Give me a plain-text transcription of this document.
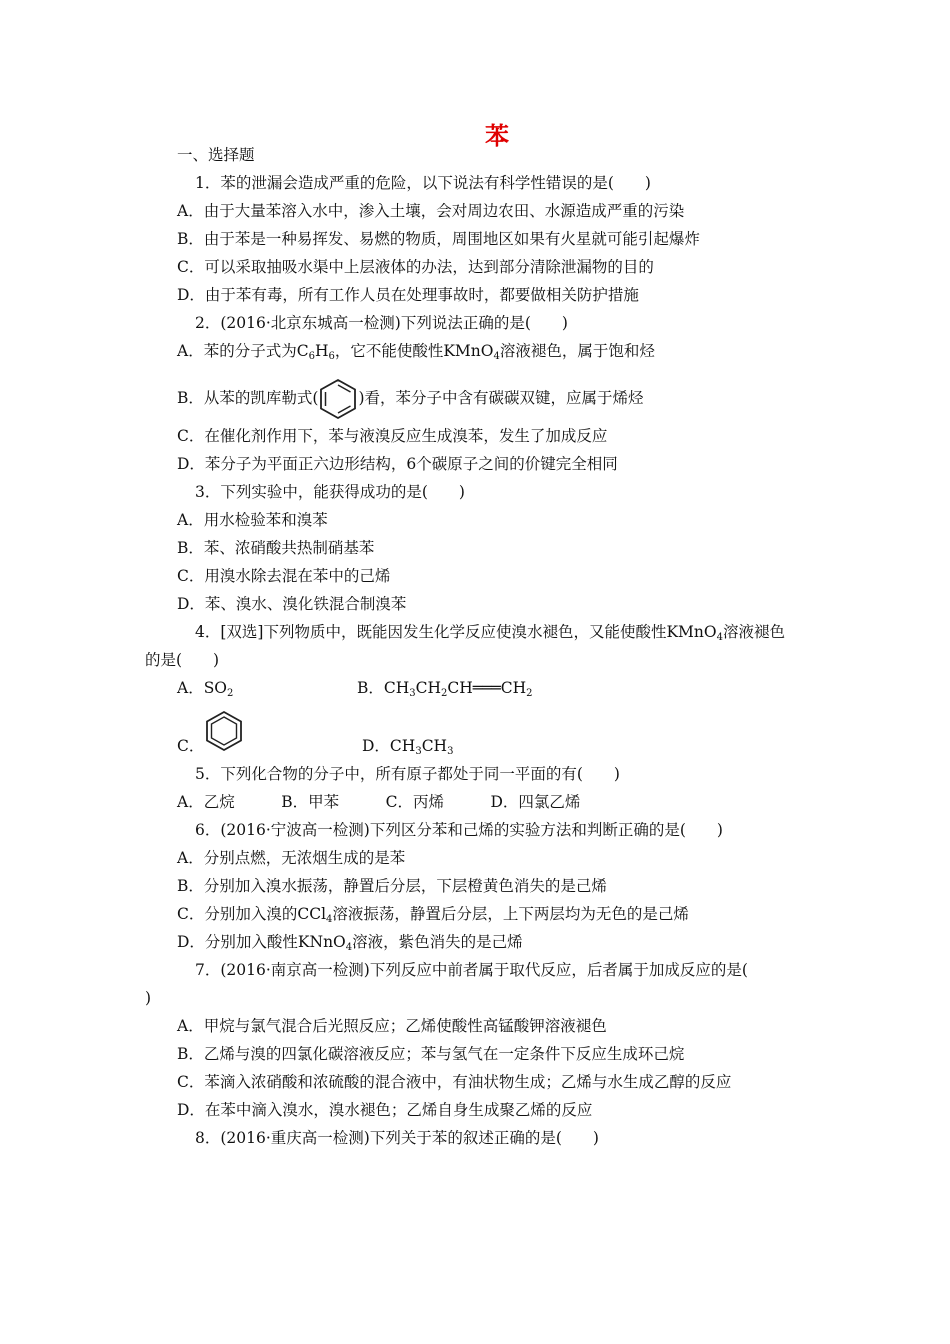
苯
一、选择题
1．苯的泄漏会造成严重的危险，以下说法有科学性错误的是(　　)
A．由于大量苯溶入水中，渗入土壤，会对周边农田、水源造成严重的污染
B．由于苯是一种易挥发、易燃的物质，周围地区如果有火星就可能引起爆炸
C．可以采取抽吸水渠中上层液体的办法，达到部分清除泄漏物的目的
D．由于苯有毒，所有工作人员在处理事故时，都要做相关防护措施
2．(2016·北京东城高一检测)下列说法正确的是(　　)
A．苯的分子式为$C_6H_6$，它不能使酸性KMnO$_4$溶液褪色，属于饱和烃
B．从苯的凯库勒式(	)看，苯分子中含有碳碳双键，应属于烯烃
C．在催化剂作用下，苯与液溴反应生成溴苯，发生了加成反应
D．苯分子为平面正六边形结构，6个碳原子之间的价键完全相同
3．下列实验中，能获得成功的是(　　)
A．用水检验苯和溴苯
B．苯、浓硝酸共热制硝基苯
C．用溴水除去混在苯中的己烯
D．苯、溴水、溴化铁混合制溴苯
4．[双选]下列物质中，既能因发生化学反应使溴水褪色，又能使酸性KMnO$_4$溶液褪色
的是(　　)
A．$SO_2$	B．$CH_3CH_2CH═══CH_2$
C．	D．$CH_3CH_3$
5．下列化合物的分子中，所有原子都处于同一平面的有(　　)
A．乙烷　　　B．甲苯　　　C．丙烯　　　D．四氯乙烯
6．(2016·宁波高一检测)下列区分苯和己烯的实验方法和判断正确的是(　　)
A．分别点燃，无浓烟生成的是苯
B．分别加入溴水振荡，静置后分层，下层橙黄色消失的是己烯
C．分别加入溴的CCl$_4$溶液振荡，静置后分层，上下两层均为无色的是己烯
D．分别加入酸性KNnO$_4$溶液，紫色消失的是己烯
7．(2016·南京高一检测)下列反应中前者属于取代反应，后者属于加成反应的是(
)
A．甲烷与氯气混合后光照反应；乙烯使酸性高锰酸钾溶液褪色
B．乙烯与溴的四氯化碳溶液反应；苯与氢气在一定条件下反应生成环己烷
C．苯滴入浓硝酸和浓硫酸的混合液中，有油状物生成；乙烯与水生成乙醇的反应
D．在苯中滴入溴水，溴水褪色；乙烯自身生成聚乙烯的反应
8．(2016·重庆高一检测)下列关于苯的叙述正确的是(　　)
